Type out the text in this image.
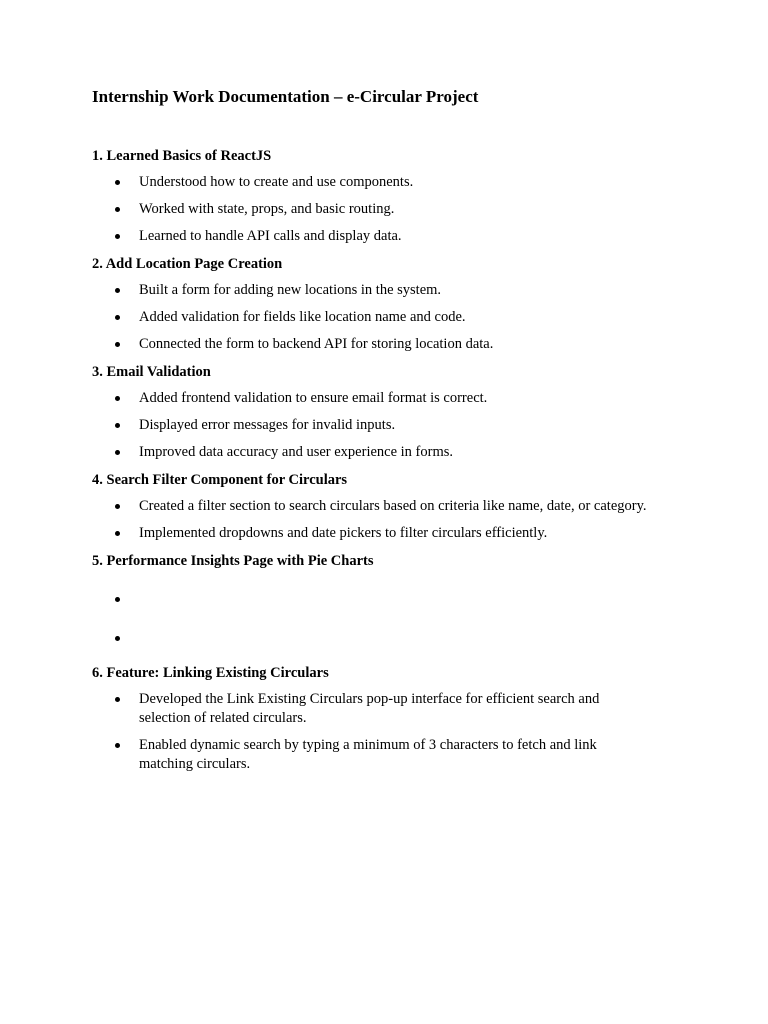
Internship Work Documentation – e-Circular Project
1. Learned Basics of ReactJS
Understood how to create and use components.
Worked with state, props, and basic routing.
Learned to handle API calls and display data.
2. Add Location Page Creation
Built a form for adding new locations in the system.
Added validation for fields like location name and code.
Connected the form to backend API for storing location data.
3. Email Validation
Added frontend validation to ensure email format is correct.
Displayed error messages for invalid inputs.
Improved data accuracy and user experience in forms.
4. Search Filter Component for Circulars
Created a filter section to search circulars based on criteria like name, date, or category.
Implemented dropdowns and date pickers to filter circulars efficiently.
5. Performance Insights Page with Pie Charts
6. Feature: Linking Existing Circulars
Developed the Link Existing Circulars pop-up interface for efficient search and selection of related circulars.
Enabled dynamic search by typing a minimum of 3 characters to fetch and link matching circulars.
